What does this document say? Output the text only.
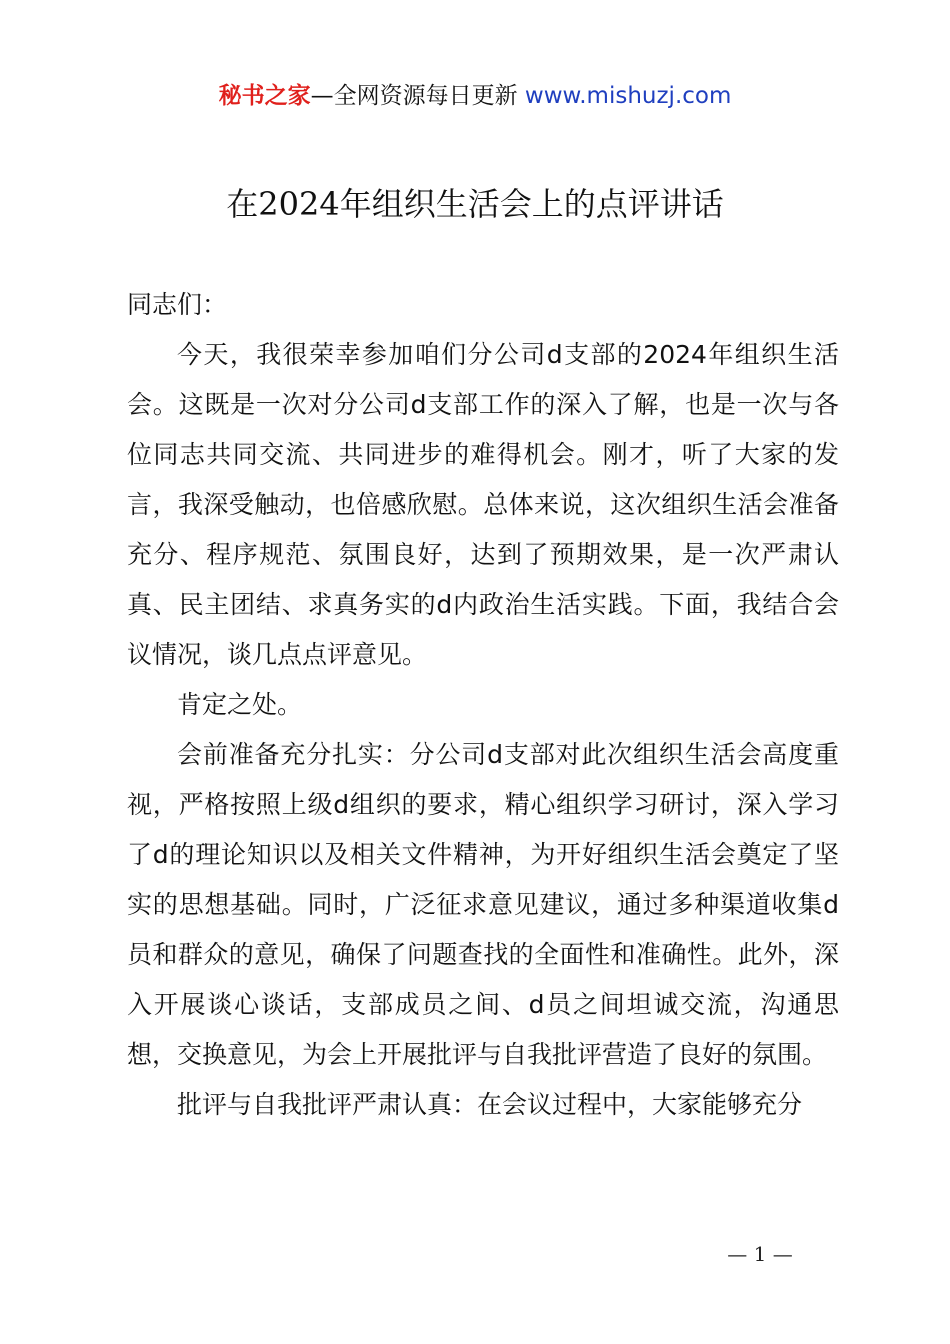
秘书之家—全网资源每日更新 www.mishuzj.com
在2024年组织生活会上的点评讲话

同志们：

今天，我很荣幸参加咱们分公司d支部的2024年组织生活会。这既是一次对分公司d支部工作的深入了解，也是一次与各位同志共同交流、共同进步的难得机会。刚才，听了大家的发言，我深受触动，也倍感欣慰。总体来说，这次组织生活会准备充分、程序规范、氛围良好，达到了预期效果，是一次严肃认真、民主团结、求真务实的d内政治生活实践。下面，我结合会议情况，谈几点点评意见。

肯定之处。

会前准备充分扎实：分公司d支部对此次组织生活会高度重视，严格按照上级d组织的要求，精心组织学习研讨，深入学习了d的理论知识以及相关文件精神，为开好组织生活会奠定了坚实的思想基础。同时，广泛征求意见建议，通过多种渠道收集d员和群众的意见，确保了问题查找的全面性和准确性。此外，深入开展谈心谈话，支部成员之间、d员之间坦诚交流，沟通思想，交换意见，为会上开展批评与自我批评营造了良好的氛围。

批评与自我批评严肃认真：在会议过程中，大家能够充分

— 1 —
